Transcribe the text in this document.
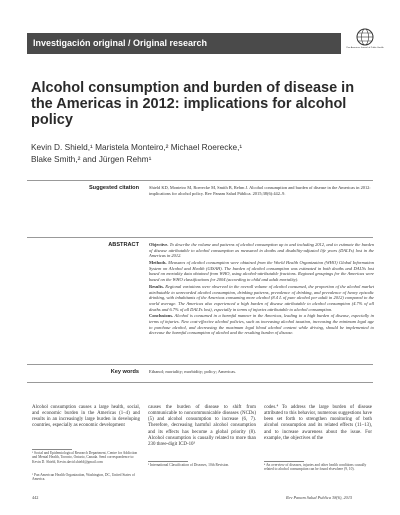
Investigación original / Original research	Pan American Journal of Public Health
Alcohol consumption and burden of disease in the Americas in 2012: implications for alcohol policy
Kevin D. Shield,¹ Maristela Monteiro,² Michael Roerecke,¹
Blake Smith,² and Jürgen Rehm¹
Suggested citation Shield KD, Monteiro M, Roerecke M, Smith B, Rehm J. Alcohol consumption and burden of disease in the Americas in 2012: implications for alcohol policy. Rev Panam Salud Pública. 2015;38(6):442–9.
ABSTRACT Objective. To describe the volume and patterns of alcohol consumption up to and including 2012, and to estimate the burden of disease attributable to alcohol consumption as measured in deaths and disability-adjusted life years (DALYs) lost in the Americas in 2012.

Methods. Measures of alcohol consumption were obtained from the World Health Organization (WHO) Global Information System on Alcohol and Health (GISAH). The burden of alcohol consumption was estimated in both deaths and DALYs lost based on mortality data obtained from WHO, using alcohol-attributable fractions. Regional groupings for the Americas were based on the WHO classifications for 2004 (according to child and adult mortality).

Results. Regional variations were observed in the overall volume of alcohol consumed, the proportion of the alcohol market attributable to unrecorded alcohol consumption, drinking patterns, prevalence of drinking, and prevalence of heavy episodic drinking, with inhabitants of the Americas consuming more alcohol (8.4 L of pure alcohol per adult in 2012) compared to the world average. The Americas also experienced a high burden of disease attributable to alcohol consumption (4.7% of all deaths and 6.7% of all DALYs lost), especially in terms of injuries attributable to alcohol consumption.

Conclusions. Alcohol is consumed in a harmful manner in the Americas, leading to a high burden of disease, especially in terms of injuries. New cost-effective alcohol policies, such as increasing alcohol taxation, increasing the minimum legal age to purchase alcohol, and decreasing the maximum legal blood alcohol content while driving, should be implemented to decrease the harmful consumption of alcohol and the resulting burden of disease.

Key words Ethanol; mortality; morbidity; policy; Americas.
Alcohol consumption causes a large health, social, and economic burden in the Americas (1–4) and results in an increasingly large burden in developing countries, especially as economic development
causes the burden of disease to shift from communicable to noncommunicable diseases (NCDs) (5) and alcohol consumption to increase (6, 7). Therefore, decreasing harmful alcohol consumption and its effects has become a global priority (8). Alcohol consumption is causally related to more than 230 three-digit ICD-10³
codes.⁴ To address the large burden of disease attributed to this behavior, numerous suggestions have been set forth to strengthen monitoring of both alcohol consumption and its related effects (11–13), and to increase awareness about the issue. For example, the objectives of the
¹ Social and Epidemiological Research Department, Centre for Addiction and Mental Health, Toronto, Ontario, Canada. Send correspondence to: Kevin D. Shield, Kevin.david.shield@gmail.com
² Pan American Health Organization, Washington, DC, United States of America.
³ International Classification of Diseases, 10th Revision.	⁴ An overview of diseases, injuries and other health conditions causally related to alcohol consumption can be found elsewhere (9, 10).
442	Rev Panam Salud Publica 38(6), 2015
